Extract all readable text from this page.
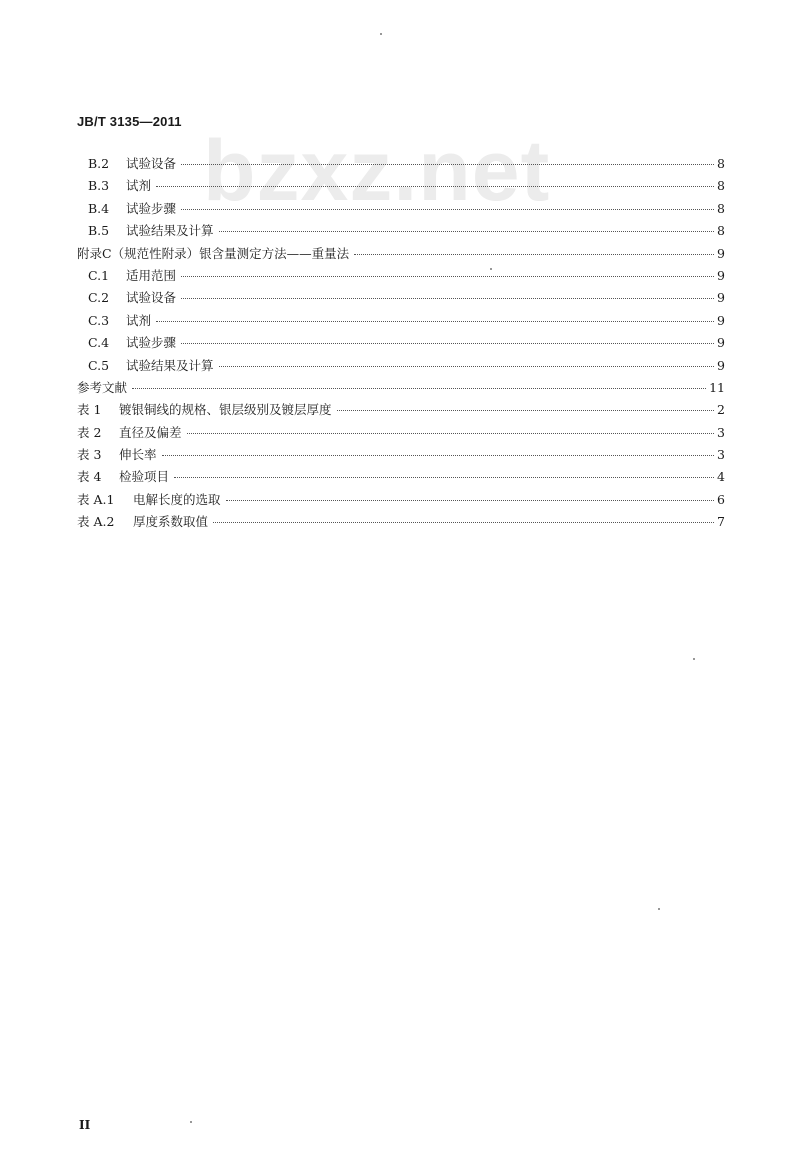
JB/T 3135—2011
bzxz.net
B.2	试验设备	8
B.3	试剂	8
B.4	试验步骤	8
B.5	试验结果及计算	8
附录C（规范性附录）银含量测定方法——重量法	9
C.1	适用范围	9
C.2	试验设备	9
C.3	试剂	9
C.4	试验步骤	9
C.5	试验结果及计算	9
参考文献	11
表 1	镀银铜线的规格、银层级别及镀层厚度	2
表 2	直径及偏差	3
表 3	伸长率	3
表 4	检验项目	4
表 A.1	电解长度的选取	6
表 A.2	厚度系数取值	7
II
